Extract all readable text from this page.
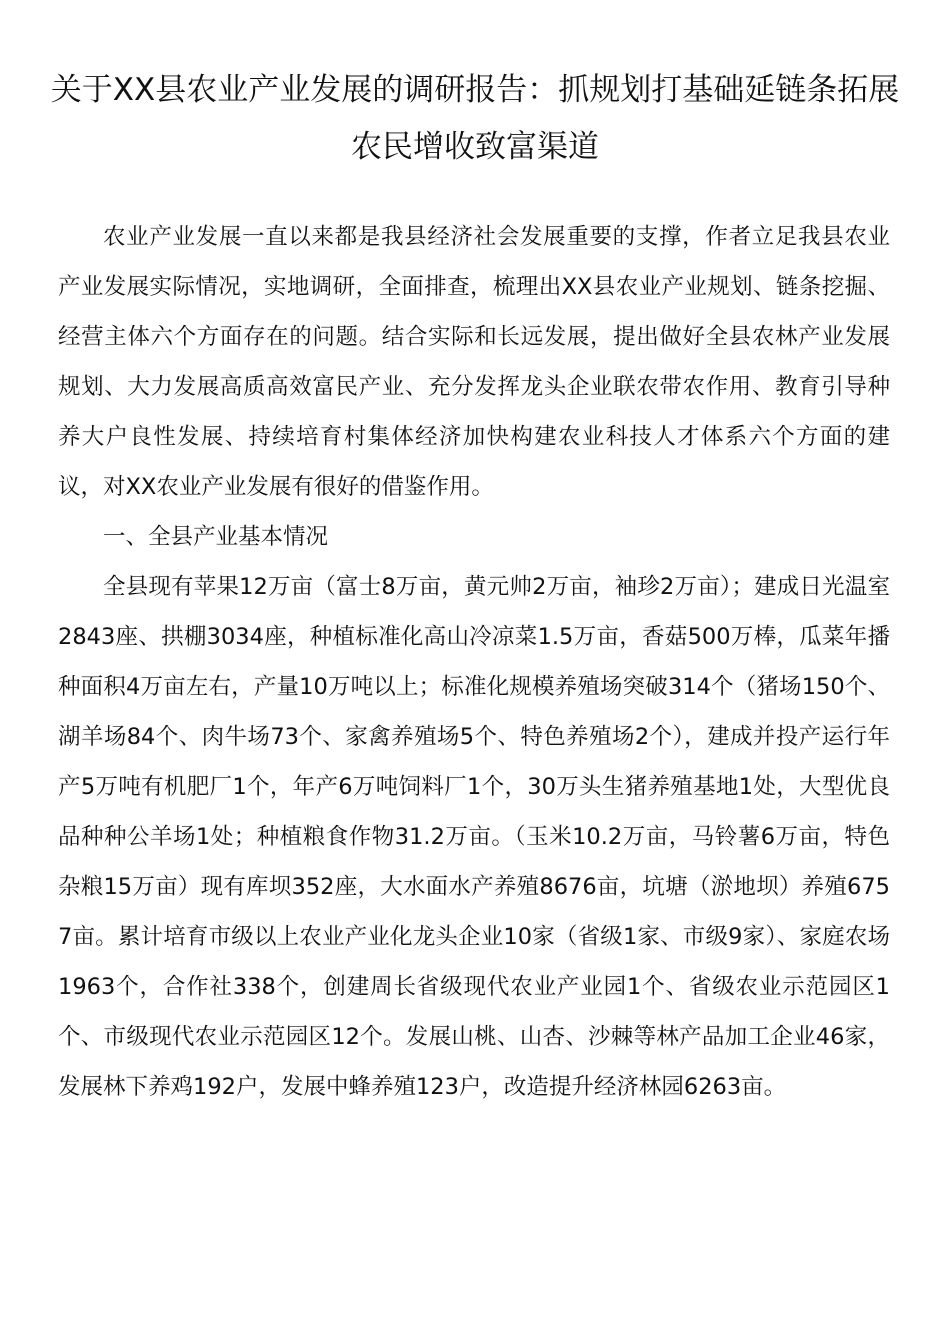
关于XX县农业产业发展的调研报告：抓规划打基础延链条拓展农民增收致富渠道

农业产业发展一直以来都是我县经济社会发展重要的支撑，作者立足我县农业产业发展实际情况，实地调研，全面排查，梳理出XX县农业产业规划、链条挖掘、经营主体六个方面存在的问题。结合实际和长远发展，提出做好全县农林产业发展规划、大力发展高质高效富民产业、充分发挥龙头企业联农带农作用、教育引导种养大户良性发展、持续培育村集体经济加快构建农业科技人才体系六个方面的建议，对XX农业产业发展有很好的借鉴作用。

一、全县产业基本情况

全县现有苹果12万亩（富士8万亩，黄元帅2万亩，袖珍2万亩）；建成日光温室2843座、拱棚3034座，种植标准化高山冷凉菜1.5万亩，香菇500万棒，瓜菜年播种面积4万亩左右，产量10万吨以上；标准化规模养殖场突破314个（猪场150个、湖羊场84个、肉牛场73个、家禽养殖场5个、特色养殖场2个），建成并投产运行年产5万吨有机肥厂1个，年产6万吨饲料厂1个，30万头生猪养殖基地1处，大型优良品种种公羊场1处；种植粮食作物31.2万亩。（玉米10.2万亩，马铃薯6万亩，特色杂粮15万亩）现有库坝352座，大水面水产养殖8676亩，坑塘（淤地坝）养殖6757亩。累计培育市级以上农业产业化龙头企业10家（省级1家、市级9家）、家庭农场1963个，合作社338个，创建周长省级现代农业产业园1个、省级农业示范园区1个、市级现代农业示范园区12个。发展山桃、山杏、沙棘等林产品加工企业46家，发展林下养鸡192户，发展中蜂养殖123户，改造提升经济林园6263亩。
